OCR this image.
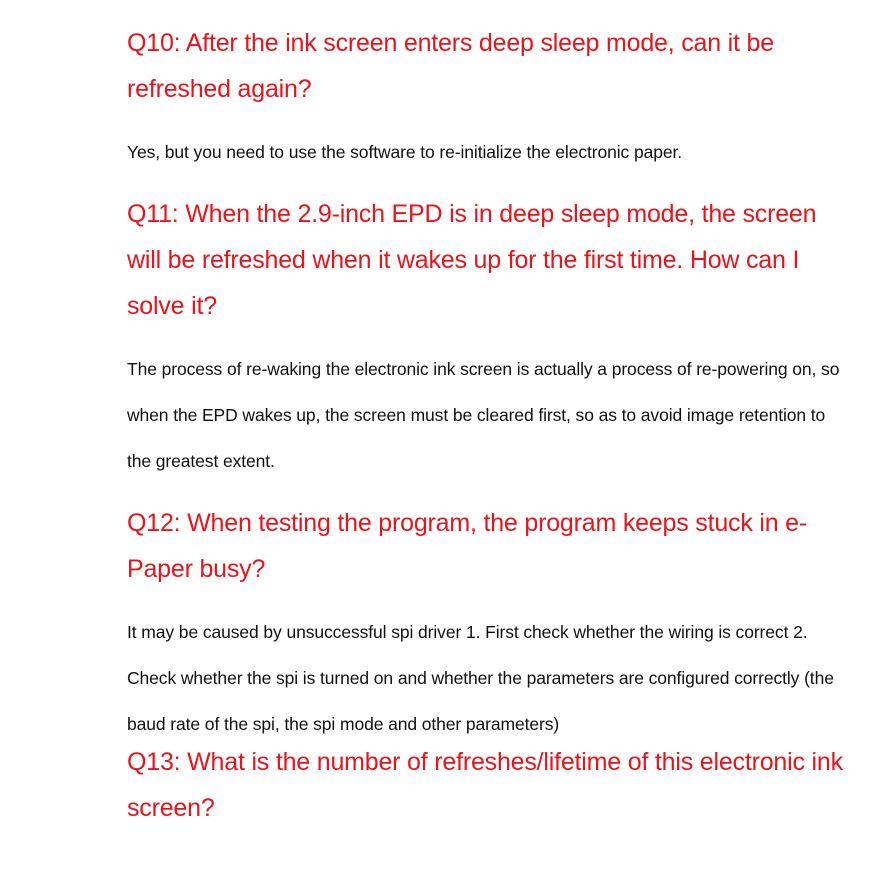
Q10: After the ink screen enters deep sleep mode, can it be refreshed again?

Yes, but you need to use the software to re-initialize the electronic paper.

Q11: When the 2.9-inch EPD is in deep sleep mode, the screen will be refreshed when it wakes up for the first time. How can I solve it?

The process of re-waking the electronic ink screen is actually a process of re-powering on, so when the EPD wakes up, the screen must be cleared first, so as to avoid image retention to the greatest extent.

Q12: When testing the program, the program keeps stuck in e-Paper busy?

It may be caused by unsuccessful spi driver 1. First check whether the wiring is correct 2. Check whether the spi is turned on and whether the parameters are configured correctly (the baud rate of the spi, the spi mode and other parameters)

Q13: What is the number of refreshes/lifetime of this electronic ink screen?
